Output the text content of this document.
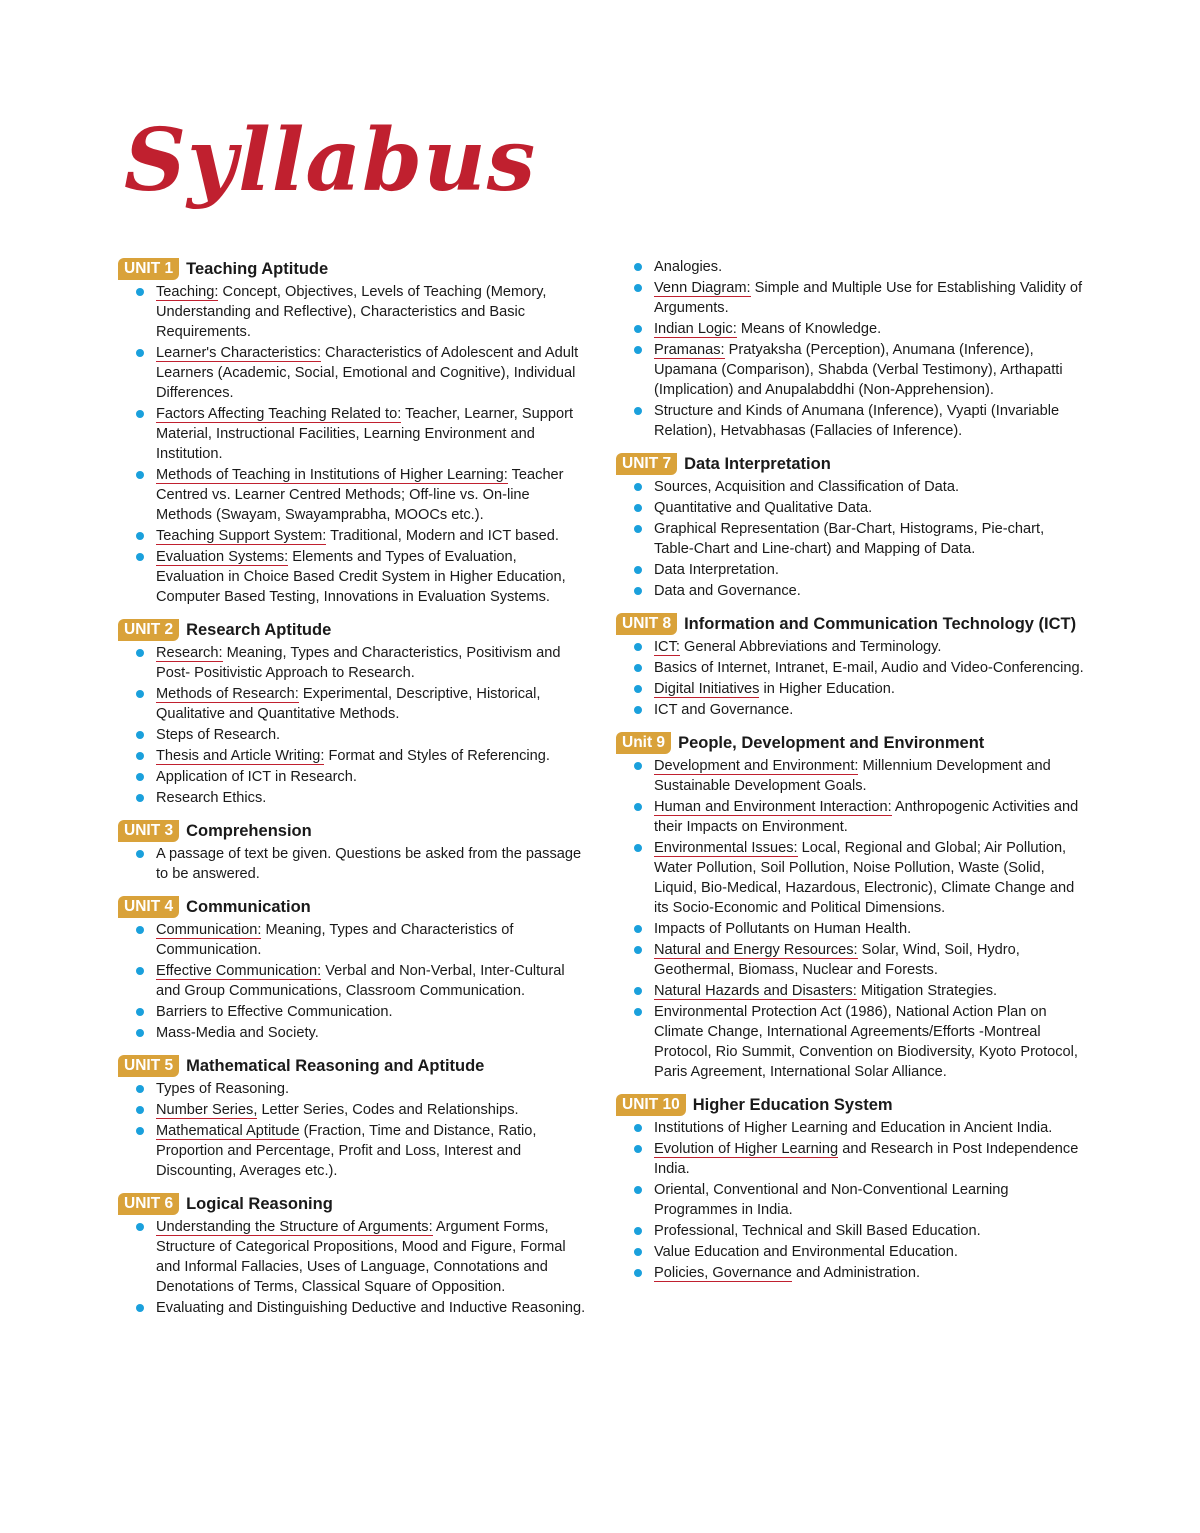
Syllabus
UNIT 1 Teaching Aptitude
Teaching: Concept, Objectives, Levels of Teaching (Memory, Understanding and Reflective), Characteristics and Basic Requirements.
Learner's Characteristics: Characteristics of Adolescent and Adult Learners (Academic, Social, Emotional and Cognitive), Individual Differences.
Factors Affecting Teaching Related to: Teacher, Learner, Support Material, Instructional Facilities, Learning Environment and Institution.
Methods of Teaching in Institutions of Higher Learning: Teacher Centred vs. Learner Centred Methods; Off-line vs. On-line Methods (Swayam, Swayamprabha, MOOCs etc.).
Teaching Support System: Traditional, Modern and ICT based.
Evaluation Systems: Elements and Types of Evaluation, Evaluation in Choice Based Credit System in Higher Education, Computer Based Testing, Innovations in Evaluation Systems.
UNIT 2 Research Aptitude
Research: Meaning, Types and Characteristics, Positivism and Post- Positivistic Approach to Research.
Methods of Research: Experimental, Descriptive, Historical, Qualitative and Quantitative Methods.
Steps of Research.
Thesis and Article Writing: Format and Styles of Referencing.
Application of ICT in Research.
Research Ethics.
UNIT 3 Comprehension
A passage of text be given. Questions be asked from the passage to be answered.
UNIT 4 Communication
Communication: Meaning, Types and Characteristics of Communication.
Effective Communication: Verbal and Non-Verbal, Inter-Cultural and Group Communications, Classroom Communication.
Barriers to Effective Communication.
Mass-Media and Society.
UNIT 5 Mathematical Reasoning and Aptitude
Types of Reasoning.
Number Series, Letter Series, Codes and Relationships.
Mathematical Aptitude (Fraction, Time and Distance, Ratio, Proportion and Percentage, Profit and Loss, Interest and Discounting, Averages etc.).
UNIT 6 Logical Reasoning
Understanding the Structure of Arguments: Argument Forms, Structure of Categorical Propositions, Mood and Figure, Formal and Informal Fallacies, Uses of Language, Connotations and Denotations of Terms, Classical Square of Opposition.
Evaluating and Distinguishing Deductive and Inductive Reasoning.
Analogies.
Venn Diagram: Simple and Multiple Use for Establishing Validity of Arguments.
Indian Logic: Means of Knowledge.
Pramanas: Pratyaksha (Perception), Anumana (Inference), Upamana (Comparison), Shabda (Verbal Testimony), Arthapatti (Implication) and Anupalabddhi (Non-Apprehension).
Structure and Kinds of Anumana (Inference), Vyapti (Invariable Relation), Hetvabhasas (Fallacies of Inference).
UNIT 7 Data Interpretation
Sources, Acquisition and Classification of Data.
Quantitative and Qualitative Data.
Graphical Representation (Bar-Chart, Histograms, Pie-chart, Table-Chart and Line-chart) and Mapping of Data.
Data Interpretation.
Data and Governance.
UNIT 8 Information and Communication Technology (ICT)
ICT: General Abbreviations and Terminology.
Basics of Internet, Intranet, E-mail, Audio and Video-Conferencing.
Digital Initiatives in Higher Education.
ICT and Governance.
Unit 9 People, Development and Environment
Development and Environment: Millennium Development and Sustainable Development Goals.
Human and Environment Interaction: Anthropogenic Activities and their Impacts on Environment.
Environmental Issues: Local, Regional and Global; Air Pollution, Water Pollution, Soil Pollution, Noise Pollution, Waste (Solid, Liquid, Bio-Medical, Hazardous, Electronic), Climate Change and its Socio-Economic and Political Dimensions.
Impacts of Pollutants on Human Health.
Natural and Energy Resources: Solar, Wind, Soil, Hydro, Geothermal, Biomass, Nuclear and Forests.
Natural Hazards and Disasters: Mitigation Strategies.
Environmental Protection Act (1986), National Action Plan on Climate Change, International Agreements/Efforts -Montreal Protocol, Rio Summit, Convention on Biodiversity, Kyoto Protocol, Paris Agreement, International Solar Alliance.
UNIT 10 Higher Education System
Institutions of Higher Learning and Education in Ancient India.
Evolution of Higher Learning and Research in Post Independence India.
Oriental, Conventional and Non-Conventional Learning Programmes in India.
Professional, Technical and Skill Based Education.
Value Education and Environmental Education.
Policies, Governance and Administration.
